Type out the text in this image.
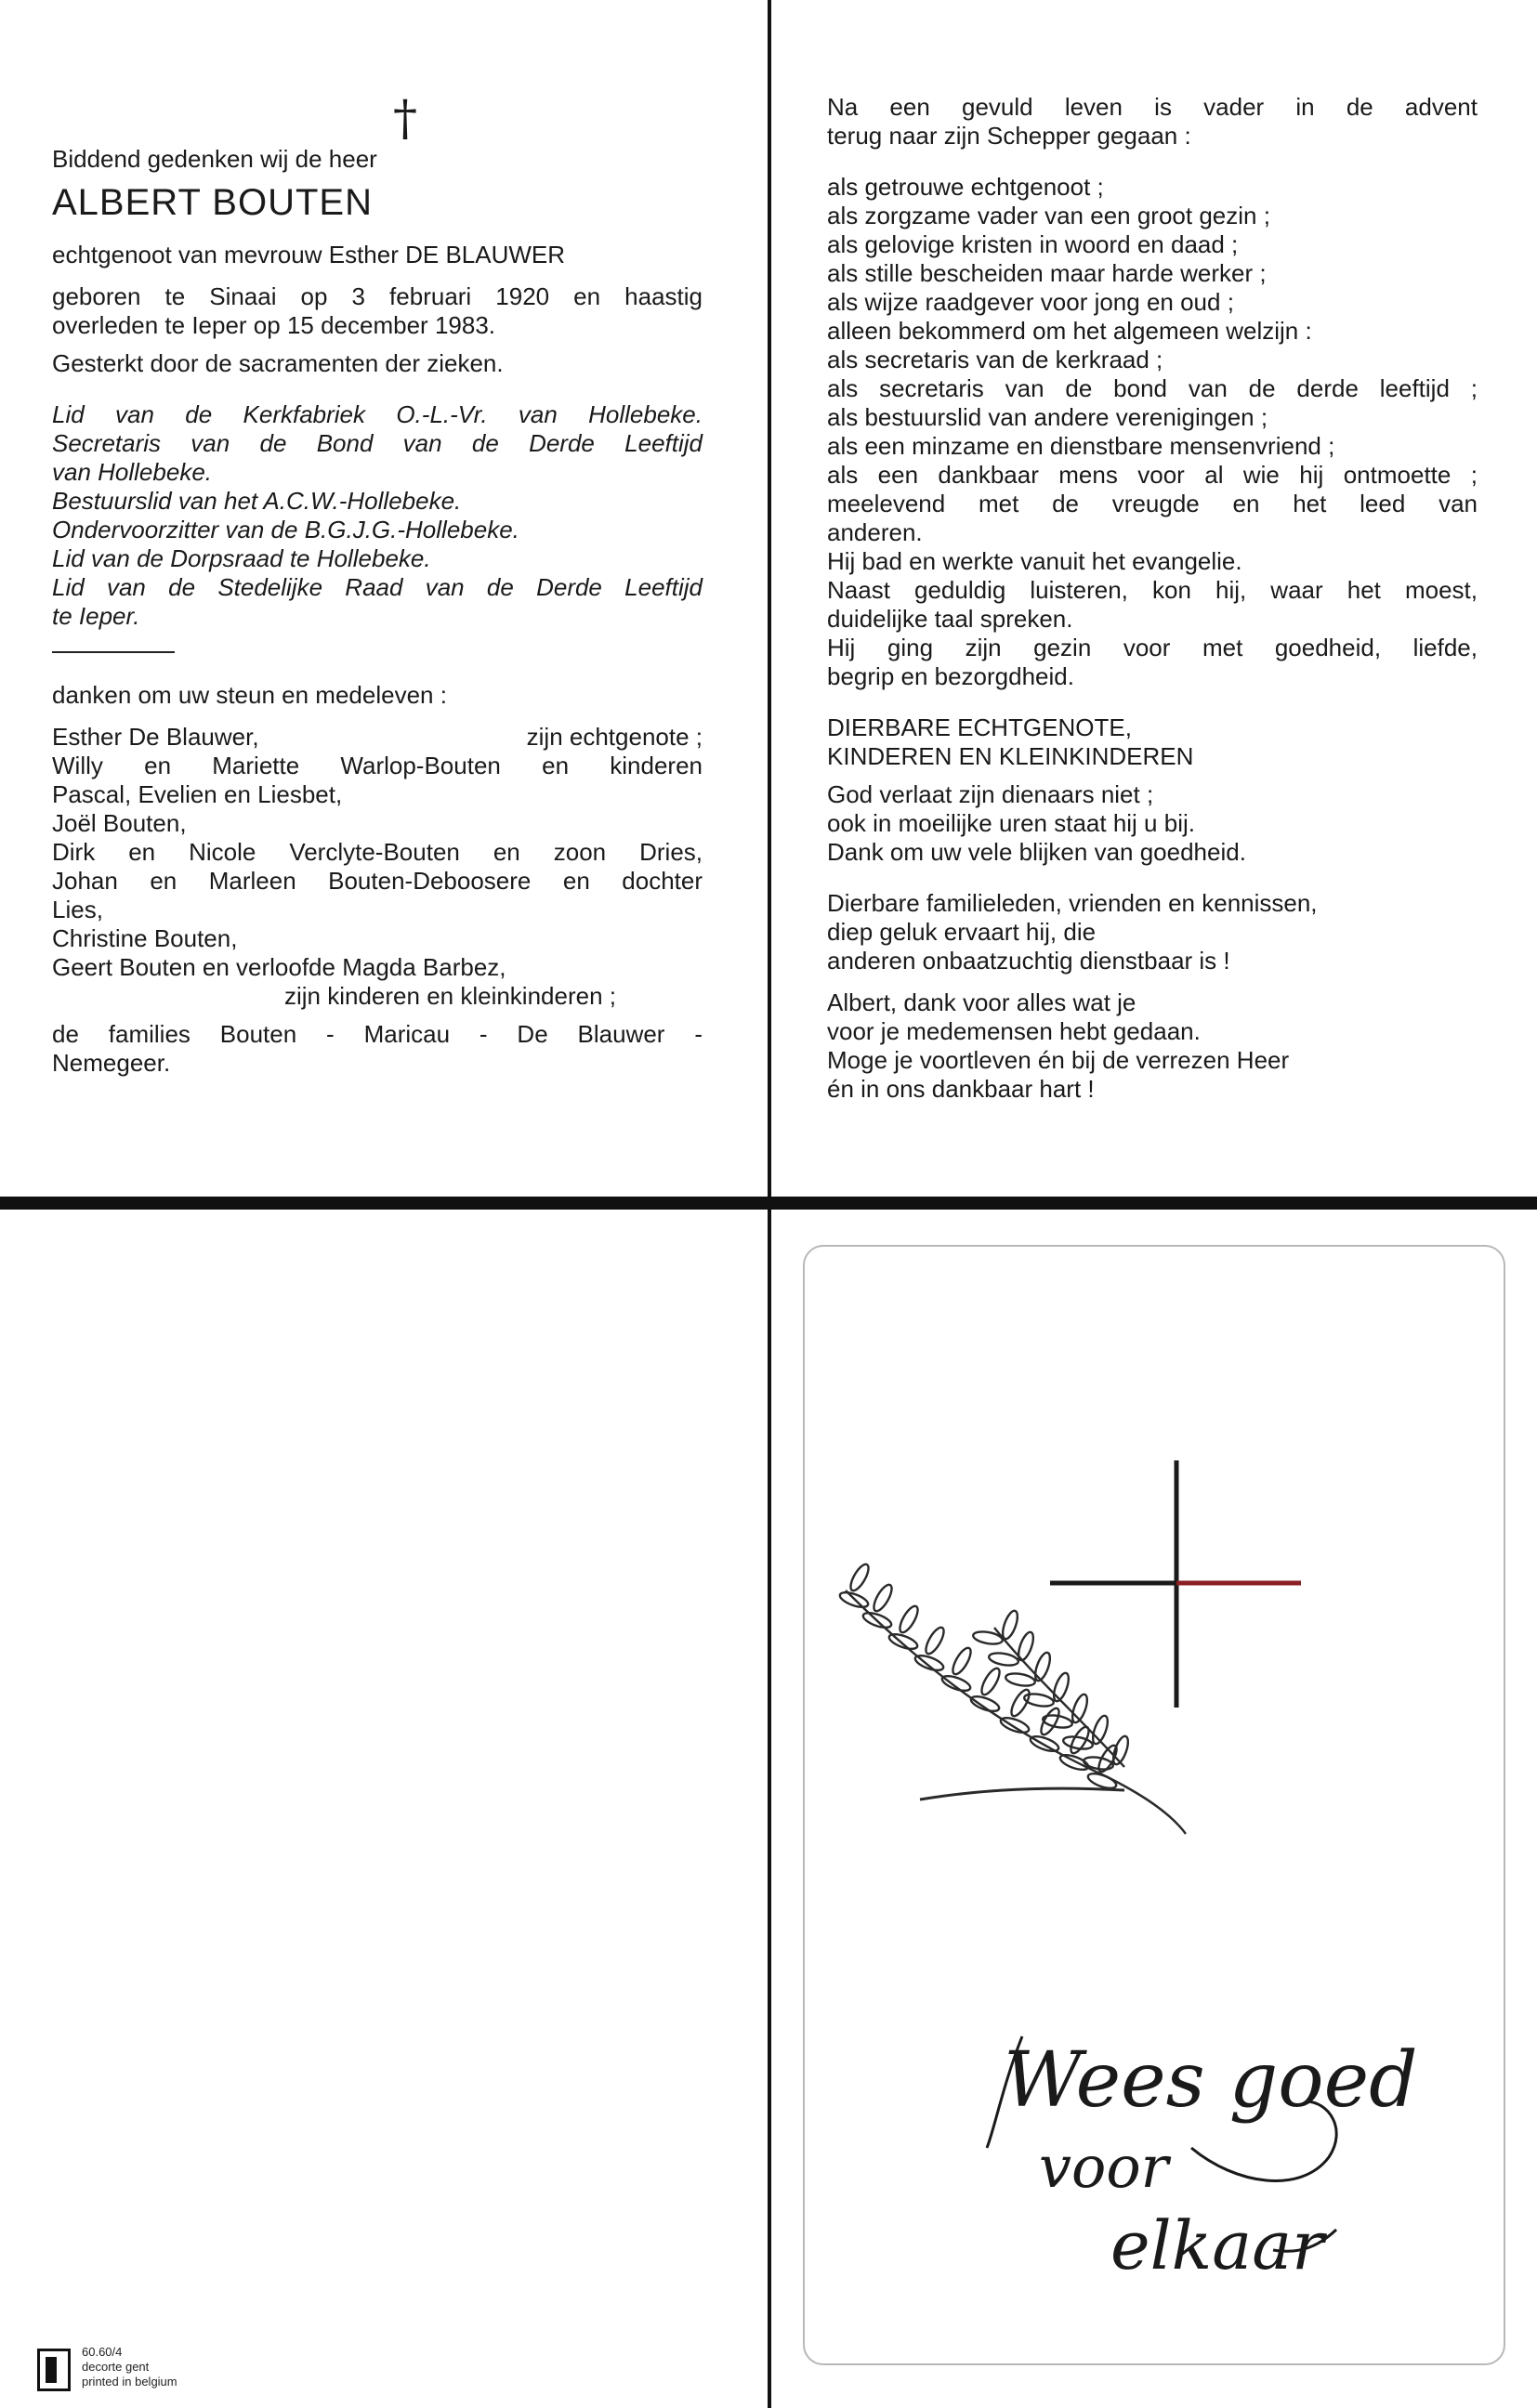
†
Biddend gedenken wij de heer
ALBERT BOUTEN
echtgenoot van mevrouw Esther DE BLAUWER
geboren te Sinaai op 3 februari 1920 en haastig
overleden te Ieper op 15 december 1983.
Gesterkt door de sacramenten der zieken.
Lid van de Kerkfabriek O.-L.-Vr. van Hollebeke.
Secretaris van de Bond van de Derde Leeftijd
van Hollebeke.
Bestuurslid van het A.C.W.-Hollebeke.
Ondervoorzitter van de B.G.J.G.-Hollebeke.
Lid van de Dorpsraad te Hollebeke.
Lid van de Stedelijke Raad van de Derde Leeftijd
te Ieper.
danken om uw steun en medeleven :
Esther De Blauwer,	zijn echtgenote ;
Willy en Mariette Warlop-Bouten en kinderen
Pascal, Evelien en Liesbet,
Joël Bouten,
Dirk en Nicole Verclyte-Bouten en zoon Dries,
Johan en Marleen Bouten-Deboosere en dochter
Lies,
Christine Bouten,
Geert Bouten en verloofde Magda Barbez,
zijn kinderen en kleinkinderen ;
de families Bouten - Maricau - De Blauwer -
Nemegeer.
Na een gevuld leven is vader in de advent
terug naar zijn Schepper gegaan :
als getrouwe echtgenoot ;
als zorgzame vader van een groot gezin ;
als gelovige kristen in woord en daad ;
als stille bescheiden maar harde werker ;
als wijze raadgever voor jong en oud ;
alleen bekommerd om het algemeen welzijn :
als secretaris van de kerkraad ;
als secretaris van de bond van de derde leeftijd ;
als bestuurslid van andere verenigingen ;
als een minzame en dienstbare mensenvriend ;
als een dankbaar mens voor al wie hij ontmoette ;
meelevend met de vreugde en het leed van
anderen.
Hij bad en werkte vanuit het evangelie.
Naast geduldig luisteren, kon hij, waar het moest,
duidelijke taal spreken.
Hij ging zijn gezin voor met goedheid, liefde,
begrip en bezorgdheid.
DIERBARE ECHTGENOTE,
KINDEREN EN KLEINKINDEREN
God verlaat zijn dienaars niet ;
ook in moeilijke uren staat hij u bij.
Dank om uw vele blijken van goedheid.
Dierbare familieleden, vrienden en kennissen,
diep geluk ervaart hij, die
anderen onbaatzuchtig dienstbaar is !
Albert, dank voor alles wat je
voor je medemensen hebt gedaan.
Moge je voortleven én bij de verrezen Heer
én in ons dankbaar hart !
60.60/4
decorte gent
printed in belgium
Wees goed
voor
elkaar
